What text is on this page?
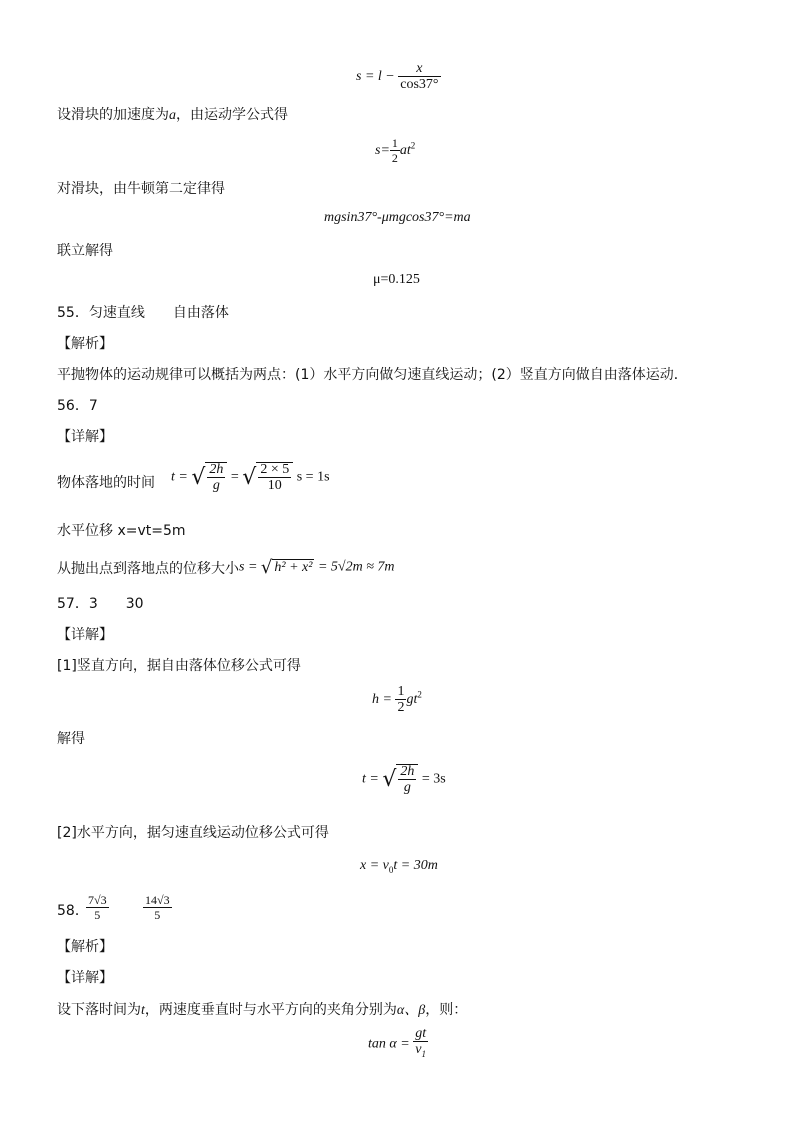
$s = l - \frac{x}{\cos 37^\circ}$
设滑块的加速度为a，由运动学公式得
$s= \frac{1}{2} at^2$
对滑块，由牛顿第二定律得
mgsin37°-μmgcos37°=ma
联立解得
μ=0.125
55．匀速直线　　自由落体
【解析】
平抛物体的运动规律可以概括为两点：(1）水平方向做匀速直线运动；(2）竖直方向做自由落体运动．
56．7
【详解】
物体落地的时间 t = √ $\frac{2h}{g}$ = √ $\frac{2 \times 5}{10}$ s = 1s
水平位移 x=vt=5m
从抛出点到落地点的位移大小 s = √ h² + x² = 5√2m ≈ 7m
57．3　　30
【详解】
[1]竖直方向，据自由落体位移公式可得
$h = \frac{1}{2} gt^2$
解得
t = √ $\frac{2h}{g} = 3s$
[2]水平方向，据匀速直线运动位移公式可得
$x = v_0t = 30m$
58．
$\frac{7√3}{5}$	$\frac{14√3}{5}$
【解析】
【详解】
设下落时间为t，两速度垂直时与水平方向的夹角分别为α、β，则：
$\tan \alpha = \frac{gt}{v_1}$
